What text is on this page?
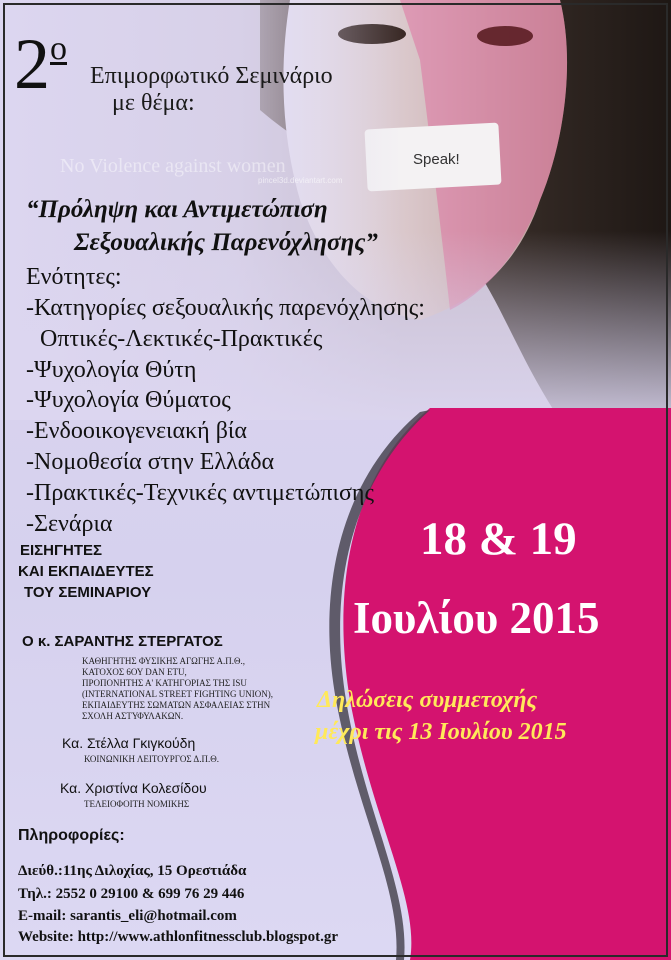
$2^o$
Επιμορφωτικό Σεμινάριο
με θέμα:
No Violence against women
pincel3d.deviantart.com
Speak!
“Πρόληψη και Αντιμετώπιση
Σεξουαλικής Παρενόχλησης”
Ενότητες:
-Κατηγορίες σεξουαλικής παρενόχλησης:
Οπτικές-Λεκτικές-Πρακτικές
-Ψυχολογία Θύτη
-Ψυχολογία Θύματος
-Ενδοοικογενειακή βία
-Νομοθεσία στην Ελλάδα
-Πρακτικές-Τεχνικές αντιμετώπισης
-Σενάρια	18 & 19
Ιουλίου 2015
Δηλώσεις συμμετοχής
μέχρι τις 13 Ιουλίου 2015
ΕΙΣΗΓΗΤΕΣ
ΚΑΙ ΕΚΠΑΙΔΕΥΤΕΣ
ΤΟΥ ΣΕΜΙΝΑΡΙΟΥ
Ο κ. ΣΑΡΑΝΤΗΣ ΣΤΕΡΓΑΤΟΣ
ΚΑΘΗΓΗΤΗΣ ΦΥΣΙΚΗΣ ΑΓΩΓΗΣ Α.Π.Θ.,
ΚΑΤΟΧΟΣ 6ΟΥ DAN ETU,
ΠΡΟΠΟΝΗΤΗΣ Α' ΚΑΤΗΓΟΡΙΑΣ ΤΗΣ ISU
(INTERNATIONAL STREET FIGHTING UNION),
ΕΚΠΑΙΔΕΥΤΗΣ ΣΩΜΑΤΩΝ ΑΣΦΑΛΕΙΑΣ ΣΤΗΝ
ΣΧΟΛΗ ΑΣΤΥΦΥΛΑΚΩΝ.
Κα. Στέλλα Γκιγκούδη
ΚΟΙΝΩΝΙΚΗ ΛΕΙΤΟΥΡΓΟΣ Δ.Π.Θ.
Κα. Χριστίνα Κολεσίδου
ΤΕΛΕΙΟΦΟΙΤΗ ΝΟΜΙΚΗΣ
Πληροφορίες:
Διεύθ.:11ης Διλοχίας, 15 Ορεστιάδα
Τηλ.: 2552 0 29100 & 699 76 29 446
E-mail: sarantis_eli@hotmail.com
Website: http://www.athlonfitnessclub.blogspot.gr
